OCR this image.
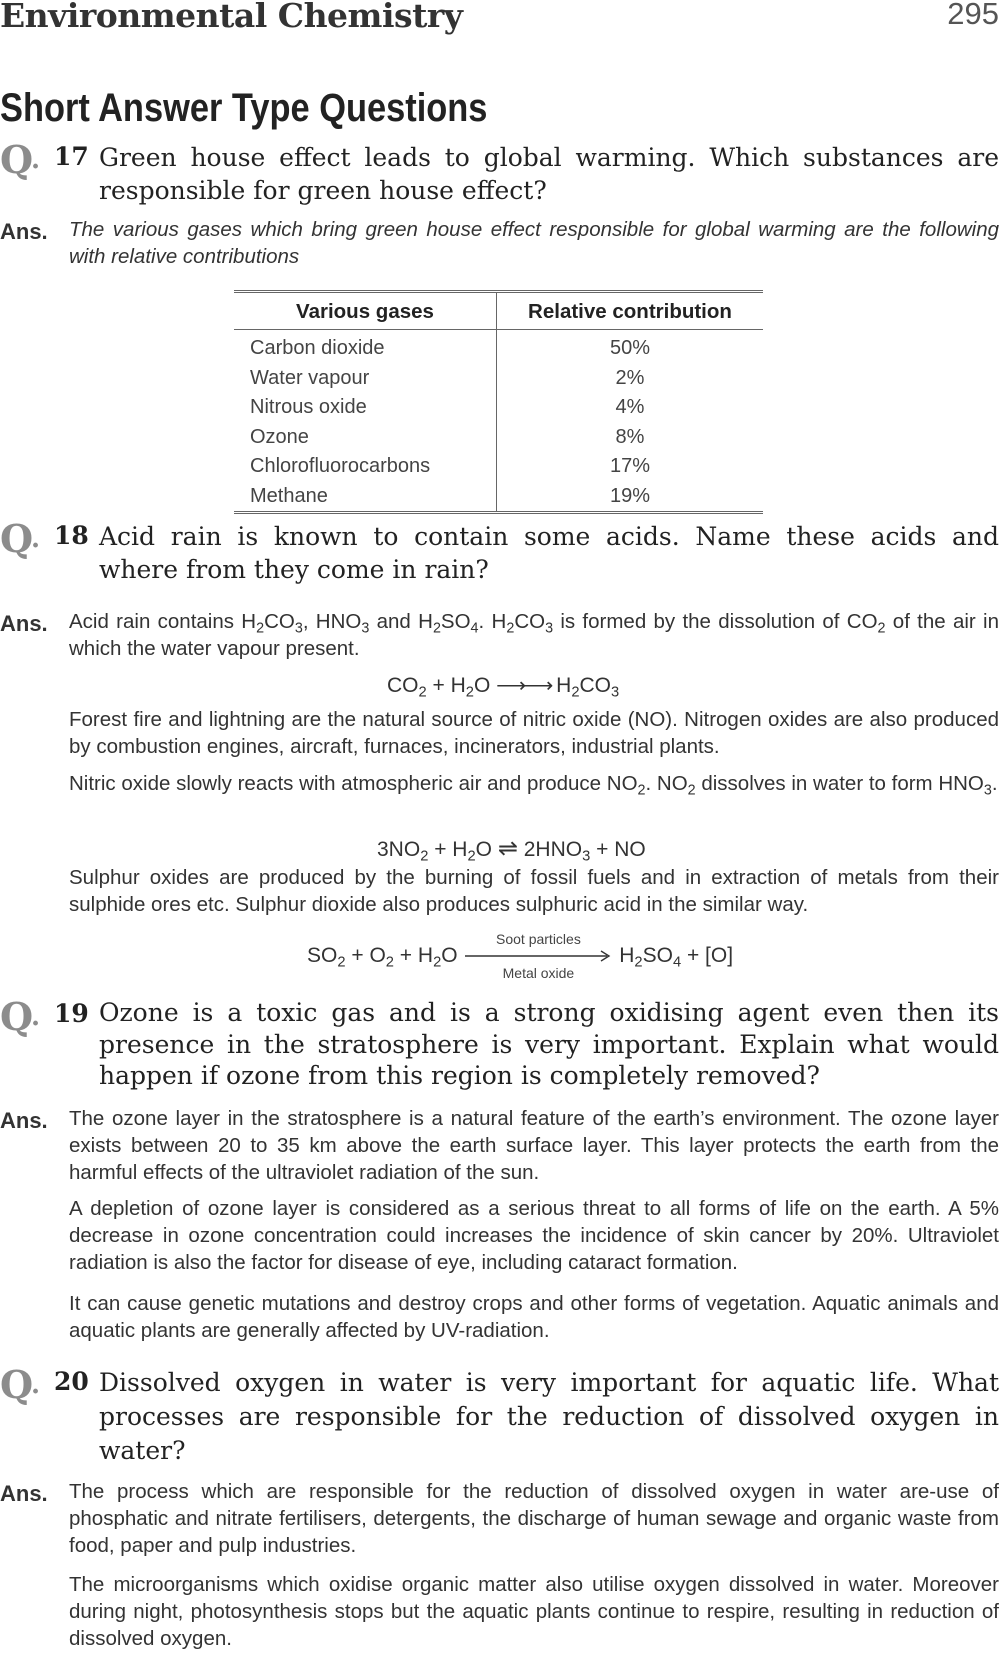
Environmental Chemistry	295
Short Answer Type Questions
Q
. 17 Green house effect leads to global warming. Which substances are responsible for green house effect?
Ans. The various gases which bring green house effect responsible for global warming are the following with relative contributions
Various gases	Relative contribution
Carbon dioxide	50%
Water vapour	2%
Nitrous oxide	4%
Ozone	8%
Chlorofluorocarbons	17%
Methane	19%
Q
. 18 Acid rain is known to contain some acids. Name these acids and where from they come in rain?
Ans. Acid rain contains $H_2CO_3$, $HNO_3$ and $H_2SO_4$. $H_2CO_3$ is formed by the dissolution of $CO_2$ of the air in which the water vapour present.
$CO_2 + H_2O$ ⟶⟶ $H_2CO_3$
Forest fire and lightning are the natural source of nitric oxide (NO). Nitrogen oxides are also produced by combustion engines, aircraft, furnaces, incinerators, industrial plants.
Nitric oxide slowly reacts with atmospheric air and produce $NO_2$. $NO_2$ dissolves in water to form $HNO_3$.
$3NO_2 + H_2O$ ⇌ $2HNO_3$ + NO
Sulphur oxides are produced by the burning of fossil fuels and in extraction of metals from their sulphide ores etc. Sulphur dioxide also produces sulphuric acid in the similar way.
$SO_2 + O_2 + H_2O$
Soot particles
Metal oxide
$H_2SO_4 + [O]$
Q
. 19 Ozone is a toxic gas and is a strong oxidising agent even then its presence in the stratosphere is very important. Explain what would happen if ozone from this region is completely removed?
Ans. The ozone layer in the stratosphere is a natural feature of the earth’s environment. The ozone layer exists between 20 to 35 km above the earth surface layer. This layer protects the earth from the harmful effects of the ultraviolet radiation of the sun.
A depletion of ozone layer is considered as a serious threat to all forms of life on the earth. A 5% decrease in ozone concentration could increases the incidence of skin cancer by 20%. Ultraviolet radiation is also the factor for disease of eye, including cataract formation.
It can cause genetic mutations and destroy crops and other forms of vegetation. Aquatic animals and aquatic plants are generally affected by UV-radiation.
Q
. 20 Dissolved oxygen in water is very important for aquatic life. What processes are responsible for the reduction of dissolved oxygen in water?
Ans. The process which are responsible for the reduction of dissolved oxygen in water are-use of phosphatic and nitrate fertilisers, detergents, the discharge of human sewage and organic waste from food, paper and pulp industries.
The microorganisms which oxidise organic matter also utilise oxygen dissolved in water. Moreover during night, photosynthesis stops but the aquatic plants continue to respire, resulting in reduction of dissolved oxygen.
